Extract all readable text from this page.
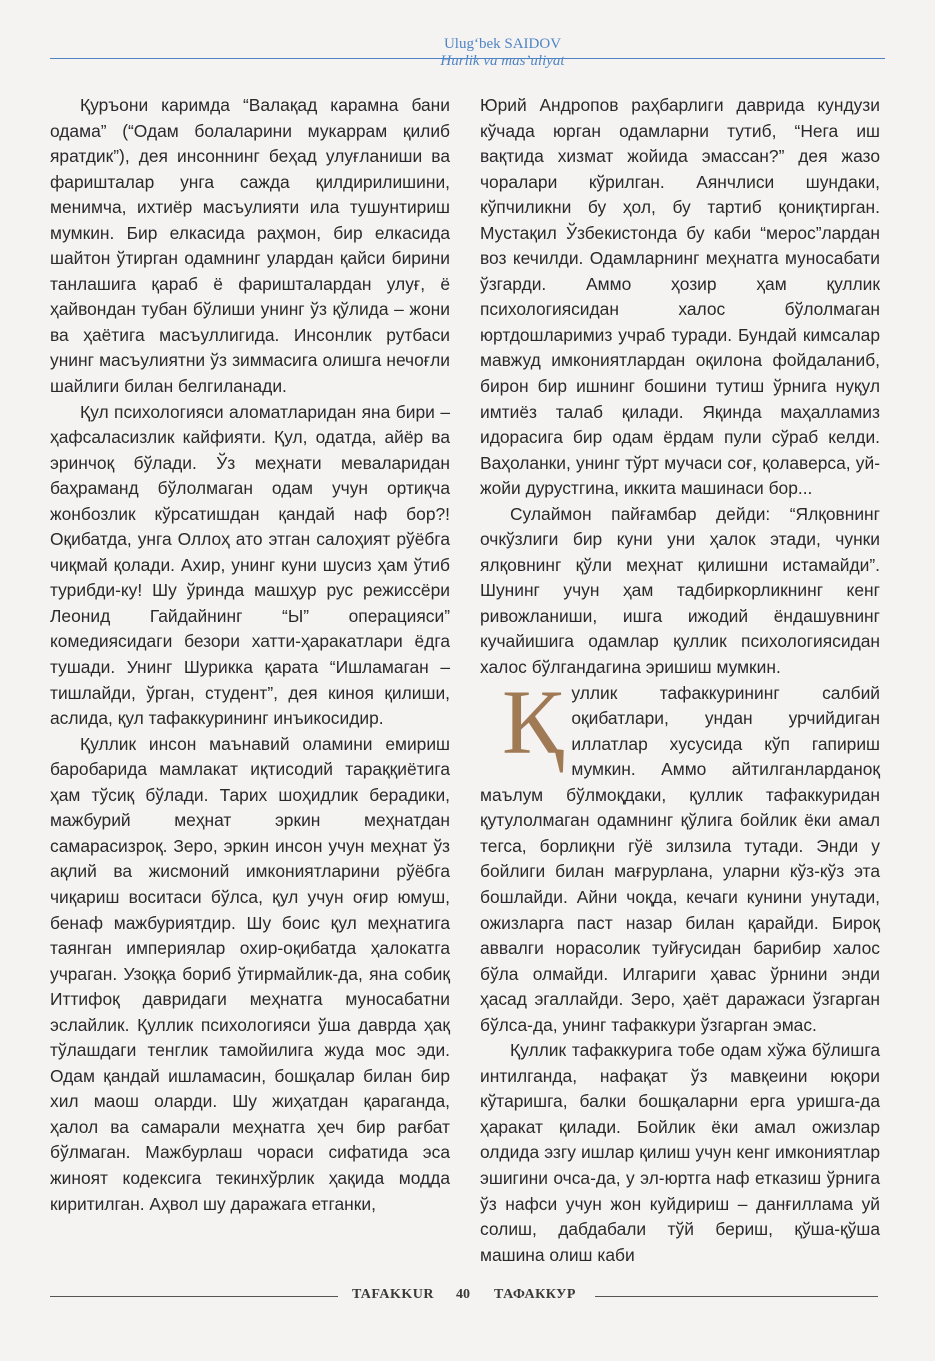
Ulug‘bek SAIDOV
Hurlik va mas’uliyat

Қуръони каримда “Валақад карамна бани одама” (“Одам болаларини мукаррам қилиб яратдик”), дея инсоннинг беҳад улуғланиши ва фаришталар унга сажда қилдирилишини, менимча, ихтиёр масъулияти ила тушунтириш мумкин. Бир елкасида раҳмон, бир елкасида шайтон ўтирган одамнинг улардан қайси бирини танлашига қараб ё фаришталардан улуғ, ё ҳайвондан тубан бўлиши унинг ўз қўлида – жони ва ҳаётига масъуллигида. Инсонлик рутбаси унинг масъулиятни ўз зиммасига олишга нечоғли шайлиги билан белгиланади.

Қул психологияси аломатларидан яна бири – ҳафсаласизлик кайфияти. Қул, одатда, айёр ва эринчоқ бўлади. Ўз меҳнати меваларидан баҳраманд бўлолмаган одам учун ортиқча жонбозлик кўрсатишдан қандай наф бор?! Оқибатда, унга Оллоҳ ато этган салоҳият рўёбга чиқмай қолади. Ахир, унинг куни шусиз ҳам ўтиб турибди-ку! Шу ўринда машҳур рус режиссёри Леонид Гайдайнинг “Ы” операцияси” комедиясидаги безори хатти-ҳаракатлари ёдга тушади. Унинг Шурикка қарата “Ишламаган – тишлайди, ўрган, студент”, дея киноя қилиши, аслида, қул тафаккурининг инъикосидир.

Қуллик инсон маънавий оламини емириш баробарида мамлакат иқтисодий тараққиётига ҳам тўсиқ бўлади. Тарих шоҳидлик берадики, мажбурий меҳнат эркин меҳнатдан самарасизроқ. Зеро, эркин инсон учун меҳнат ўз ақлий ва жисмоний имкониятларини рўёбга чиқариш воситаси бўлса, қул учун оғир юмуш, бенаф мажбуриятдир. Шу боис қул меҳнатига таянган империялар охир-оқибатда ҳалокатга учраган. Узоққа бориб ўтирмайлик-да, яна собиқ Иттифоқ давридаги меҳнатга муносабатни эслайлик. Қуллик психологияси ўша даврда ҳақ тўлашдаги тенглик тамойилига жуда мос эди. Одам қандай ишламасин, бошқалар билан бир хил маош оларди. Шу жиҳатдан қараганда, ҳалол ва самарали меҳнатга ҳеч бир рағбат бўлмаган. Мажбурлаш чораси сифатида эса жиноят кодексига текинхўрлик ҳақида модда киритилган. Аҳвол шу даражага етганки,

Юрий Андропов раҳбарлиги даврида кундузи кўчада юрган одамларни тутиб, “Нега иш вақтида хизмат жойида эмассан?” дея жазо чоралари кўрилган. Аянчлиси шундаки, кўпчиликни бу ҳол, бу тартиб қониқтирган. Мустақил Ўзбекистонда бу каби “мерос”лардан воз кечилди. Одамларнинг меҳнатга муносабати ўзгарди. Аммо ҳозир ҳам қуллик психологиясидан халос бўлолмаган юртдошларимиз учраб туради. Бундай кимсалар мавжуд имкониятлардан оқилона фойдаланиб, бирон бир ишнинг бошини тутиш ўрнига нуқул имтиёз талаб қилади. Яқинда маҳалламиз идорасига бир одам ёрдам пули сўраб келди. Ваҳоланки, унинг тўрт мучаси соғ, қолаверса, уй-жойи дурустгина, иккита машинаси бор...

Сулаймон пайғамбар дейди: “Ялқовнинг очкўзлиги бир куни уни ҳалок этади, чунки ялқовнинг қўли меҳнат қилишни истамайди”. Шунинг учун ҳам тадбиркорликнинг кенг ривожланиши, ишга ижодий ёндашувнинг кучайишига одамлар қуллик психологиясидан халос бўлгандагина эришиш мумкин.

Қуллик тафаккурининг салбий оқибатлари, ундан урчийдиган иллатлар хусусида кўп гапириш мумкин. Аммо айтилганларданоқ маълум бўлмоқдаки, қуллик тафаккуридан қутулолмаган одамнинг қўлига бойлик ёки амал тегса, борлиқни гўё зилзила тутади. Энди у бойлиги билан мағрурлана, уларни кўз-кўз эта бошлайди. Айни чоқда, кечаги кунини унутади, ожизларга паст назар билан қарайди. Бироқ аввалги норасолик туйғусидан барибир халос бўла олмайди. Илгариги ҳавас ўрнини энди ҳасад эгаллайди. Зеро, ҳаёт даражаси ўзгарган бўлса-да, унинг тафаккури ўзгарган эмас.

Қуллик тафаккурига тобе одам хўжа бўлишга интилганда, нафақат ўз мавқеини юқори кўтаришга, балки бошқаларни ерга уришга-да ҳаракат қилади. Бойлик ёки амал ожизлар олдида эзгу ишлар қилиш учун кенг имкониятлар эшигини очса-да, у эл-юртга наф етказиш ўрнига ўз нафси учун жон куйдириш – данғиллама уй солиш, дабдабали тўй бериш, қўша-қўша машина олиш каби

TAFAKKUR 40 ТАФАККУР
